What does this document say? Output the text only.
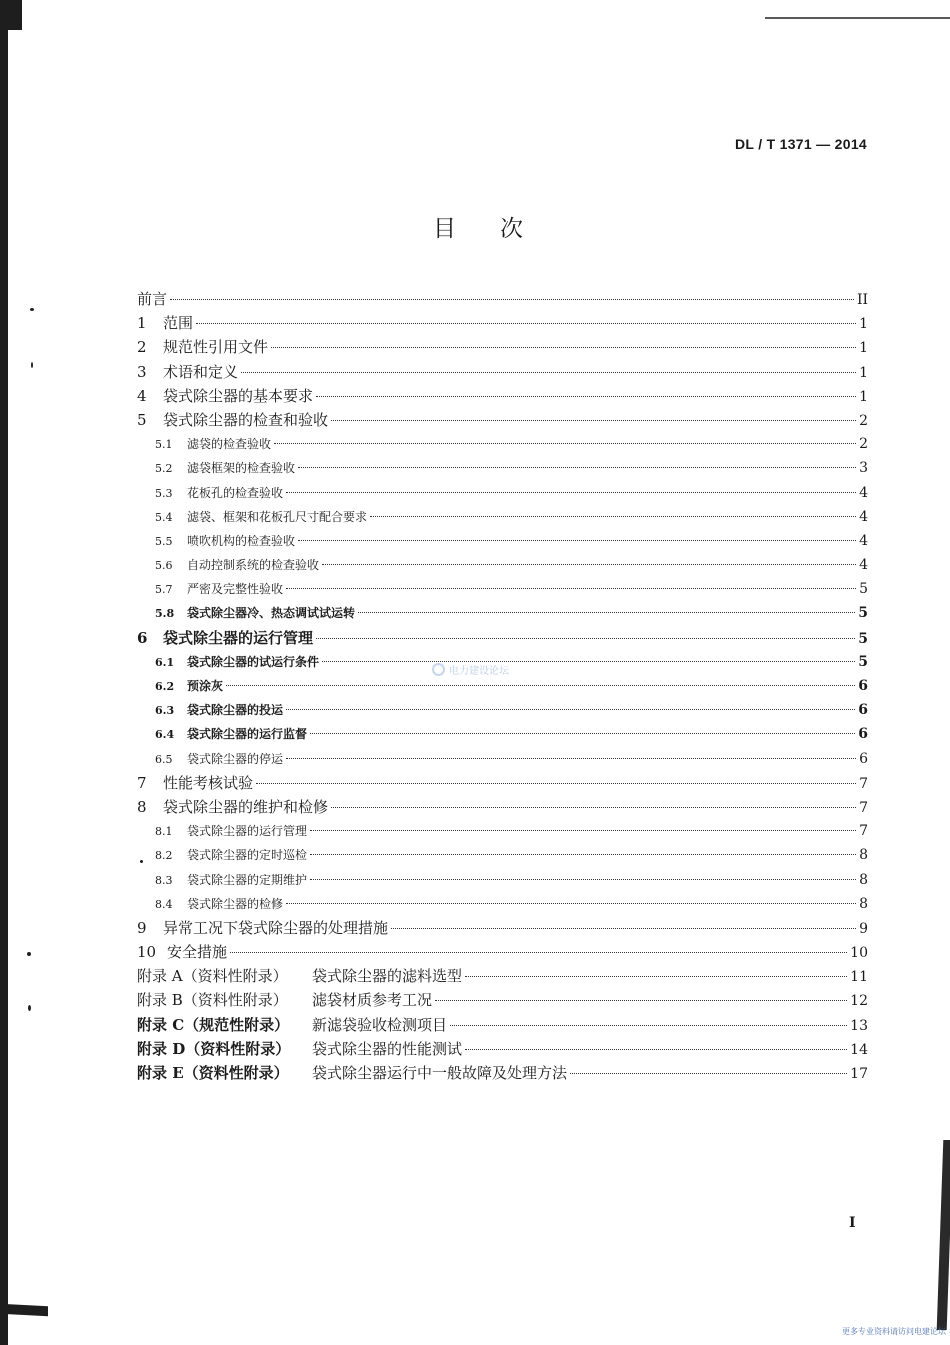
DL / T 1371 — 2014
目次
前言	II
1	范围	1
2	规范性引用文件	1
3	术语和定义	1
4	袋式除尘器的基本要求	1
5	袋式除尘器的检查和验收	2
5.1	滤袋的检查验收	2
5.2	滤袋框架的检查验收	3
5.3	花板孔的检查验收	4
5.4	滤袋、框架和花板孔尺寸配合要求	4
5.5	喷吹机构的检查验收	4
5.6	自动控制系统的检查验收	4
5.7	严密及完整性验收	5
5.8	袋式除尘器冷、热态调试试运转	5
6	袋式除尘器的运行管理	5
6.1	袋式除尘器的试运行条件	5
6.2	预涂灰	6
6.3	袋式除尘器的投运	6
6.4	袋式除尘器的运行监督	6
6.5	袋式除尘器的停运	6
7	性能考核试验	7
8	袋式除尘器的维护和检修	7
8.1	袋式除尘器的运行管理	7
8.2	袋式除尘器的定时巡检	8
8.3	袋式除尘器的定期维护	8
8.4	袋式除尘器的检修	8
9	异常工况下袋式除尘器的处理措施	9
10 安全措施	10
附录 A（资料性附录）	袋式除尘器的滤料选型	11
附录 B（资料性附录）	滤袋材质参考工况	12
附录 C（规范性附录）	新滤袋验收检测项目	13
附录 D（资料性附录）	袋式除尘器的性能测试	14
附录 E（资料性附录）	袋式除尘器运行中一般故障及处理方法	17
电力建设论坛
I
更多专业资料请访问电建论坛
